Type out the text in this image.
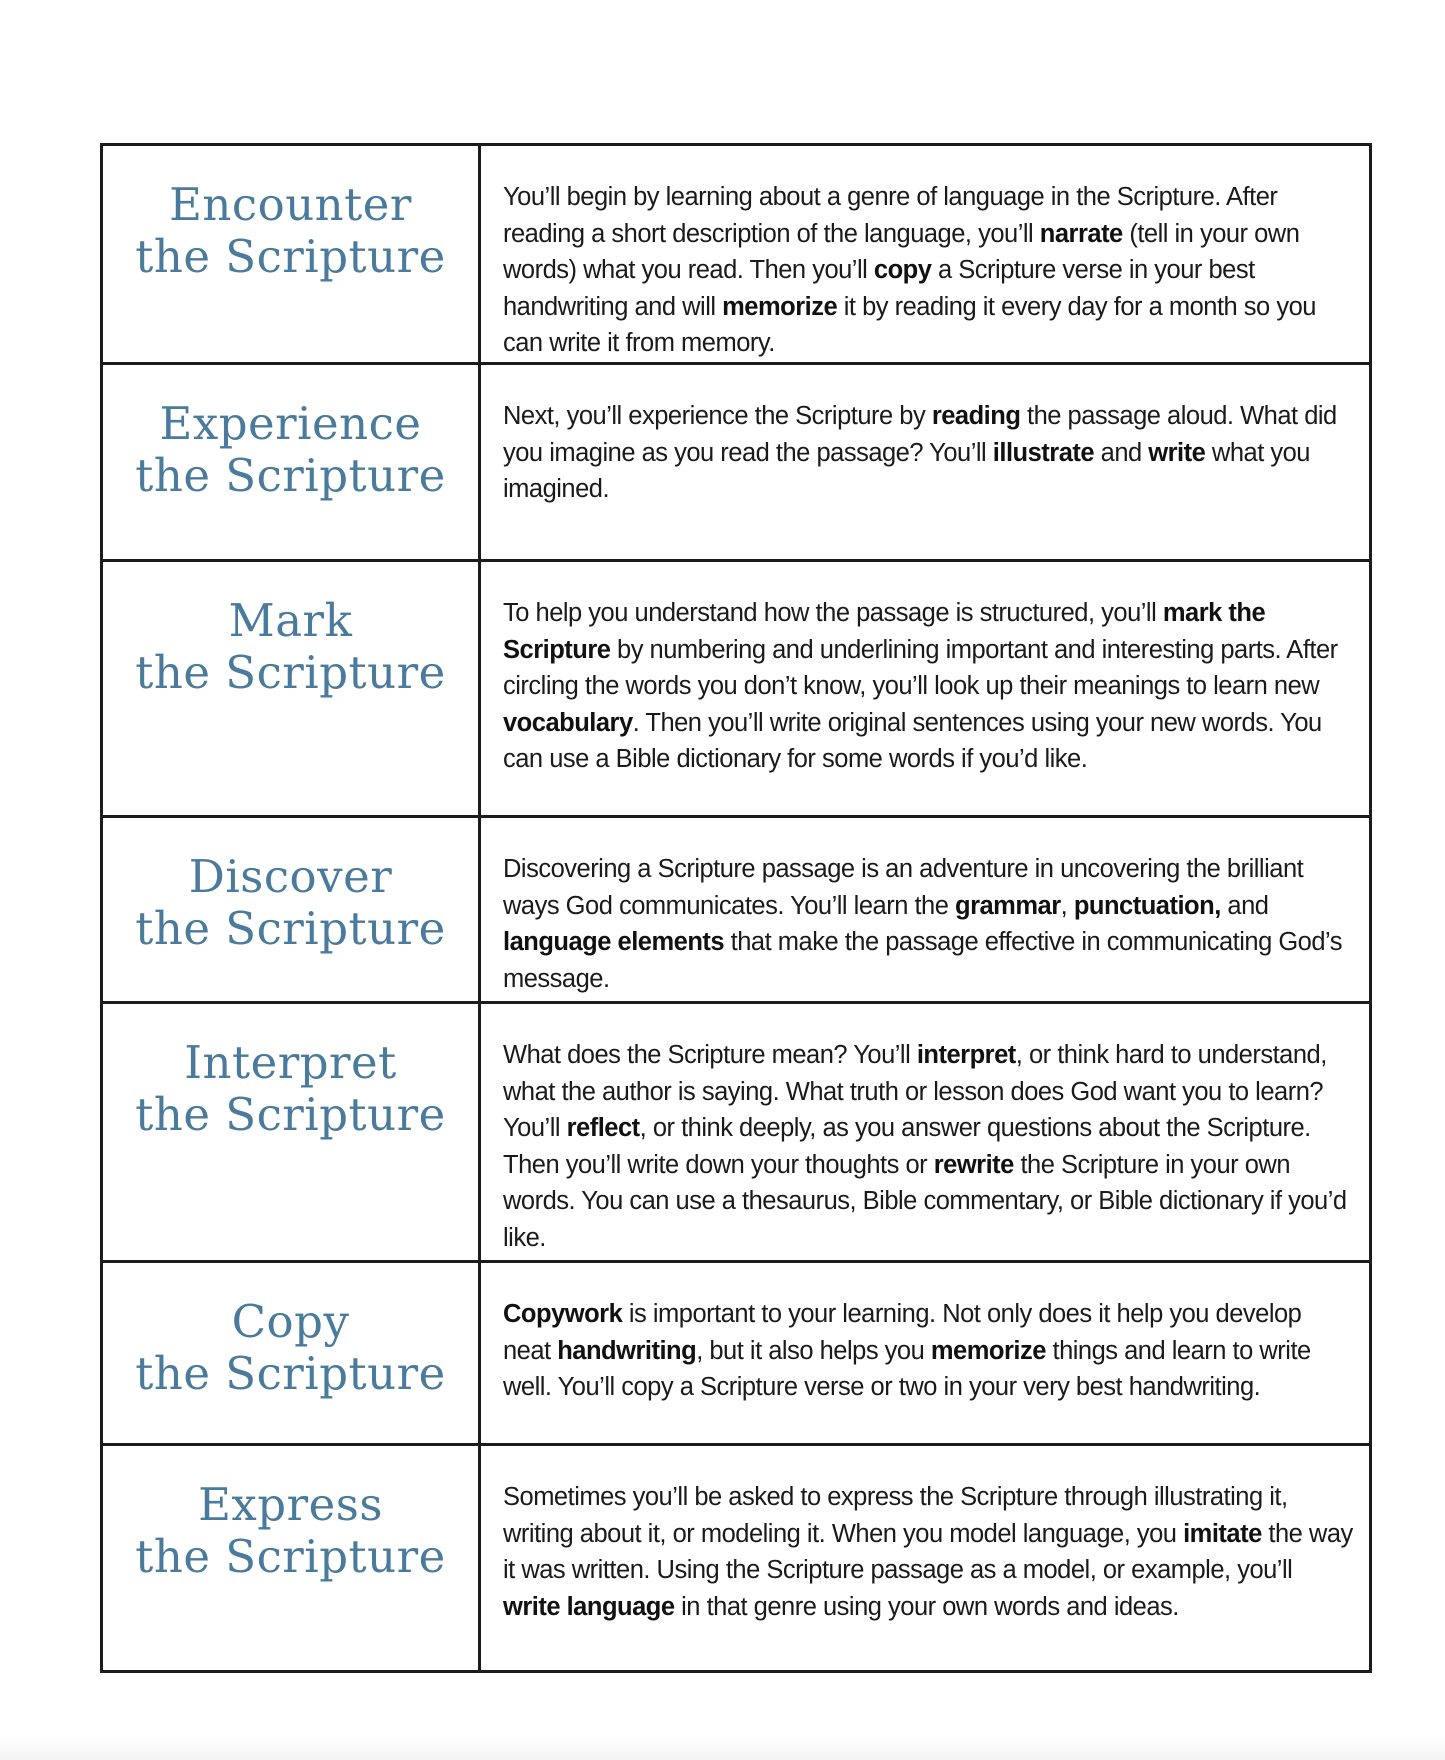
Encounter
the Scripture
You’ll begin by learning about a genre of language in the Scripture. After reading a short description of the language, you’ll narrate (tell in your own words) what you read. Then you’ll copy a Scripture verse in your best handwriting and will memorize it by reading it every day for a month so you can write it from memory.
Experience
the Scripture
Next, you’ll experience the Scripture by reading the passage aloud. What did you imagine as you read the passage? You’ll illustrate and write what you imagined.
Mark
the Scripture
To help you understand how the passage is structured, you’ll mark the Scripture by numbering and underlining important and interesting parts. After circling the words you don’t know, you’ll look up their meanings to learn new vocabulary. Then you’ll write original sentences using your new words. You can use a Bible dictionary for some words if you’d like.
Discover
the Scripture
Discovering a Scripture passage is an adventure in uncovering the brilliant ways God communicates. You’ll learn the grammar, punctuation, and language elements that make the passage effective in communicating God’s message.
Interpret
the Scripture
What does the Scripture mean? You’ll interpret, or think hard to understand, what the author is saying. What truth or lesson does God want you to learn? You’ll reflect, or think deeply, as you answer questions about the Scripture. Then you’ll write down your thoughts or rewrite the Scripture in your own words. You can use a thesaurus, Bible commentary, or Bible dictionary if you’d like.
Copy
the Scripture
Copywork is important to your learning. Not only does it help you develop neat handwriting, but it also helps you memorize things and learn to write well. You’ll copy a Scripture verse or two in your very best handwriting.
Express
the Scripture
Sometimes you’ll be asked to express the Scripture through illustrating it, writing about it, or modeling it. When you model language, you imitate the way it was written. Using the Scripture passage as a model, or example, you’ll write language in that genre using your own words and ideas.
